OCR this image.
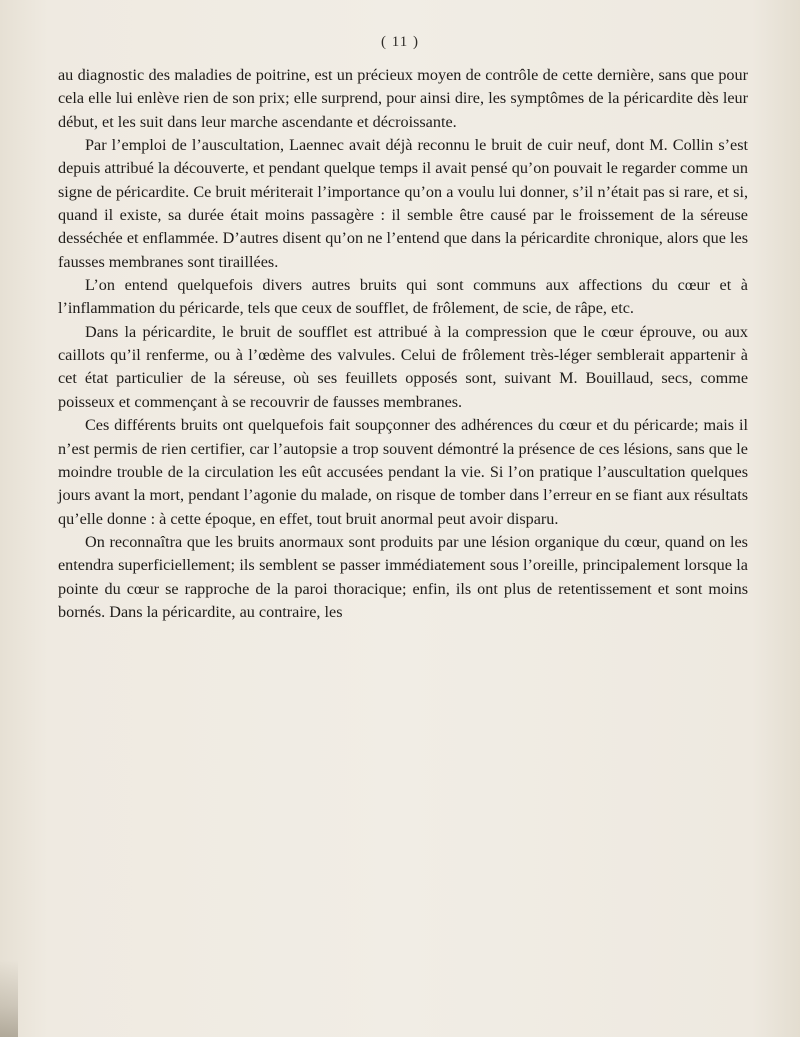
( 11 )

au diagnostic des maladies de poitrine, est un précieux moyen de contrôle de cette dernière, sans que pour cela elle lui enlève rien de son prix; elle surprend, pour ainsi dire, les symptômes de la péricardite dès leur début, et les suit dans leur marche ascendante et décroissante.

Par l’emploi de l’auscultation, Laennec avait déjà reconnu le bruit de cuir neuf, dont M. Collin s’est depuis attribué la découverte, et pendant quelque temps il avait pensé qu’on pouvait le regarder comme un signe de péricardite. Ce bruit mériterait l’importance qu’on a voulu lui donner, s’il n’était pas si rare, et si, quand il existe, sa durée était moins passagère : il semble être causé par le froissement de la séreuse desséchée et enflammée. D’autres disent qu’on ne l’entend que dans la péricardite chronique, alors que les fausses membranes sont tiraillées.

L’on entend quelquefois divers autres bruits qui sont communs aux affections du cœur et à l’inflammation du péricarde, tels que ceux de soufflet, de frôlement, de scie, de râpe, etc.

Dans la péricardite, le bruit de soufflet est attribué à la compression que le cœur éprouve, ou aux caillots qu’il renferme, ou à l’œdème des valvules. Celui de frôlement très-léger semblerait appartenir à cet état particulier de la séreuse, où ses feuillets opposés sont, suivant M. Bouillaud, secs, comme poisseux et commençant à se recouvrir de fausses membranes.

Ces différents bruits ont quelquefois fait soupçonner des adhérences du cœur et du péricarde; mais il n’est permis de rien certifier, car l’autopsie a trop souvent démontré la présence de ces lésions, sans que le moindre trouble de la circulation les eût accusées pendant la vie. Si l’on pratique l’auscultation quelques jours avant la mort, pendant l’agonie du malade, on risque de tomber dans l’erreur en se fiant aux résultats qu’elle donne : à cette époque, en effet, tout bruit anormal peut avoir disparu.

On reconnaîtra que les bruits anormaux sont produits par une lésion organique du cœur, quand on les entendra superficiellement; ils semblent se passer immédiatement sous l’oreille, principalement lorsque la pointe du cœur se rapproche de la paroi thoracique; enfin, ils ont plus de retentissement et sont moins bornés. Dans la péricardite, au contraire, les
